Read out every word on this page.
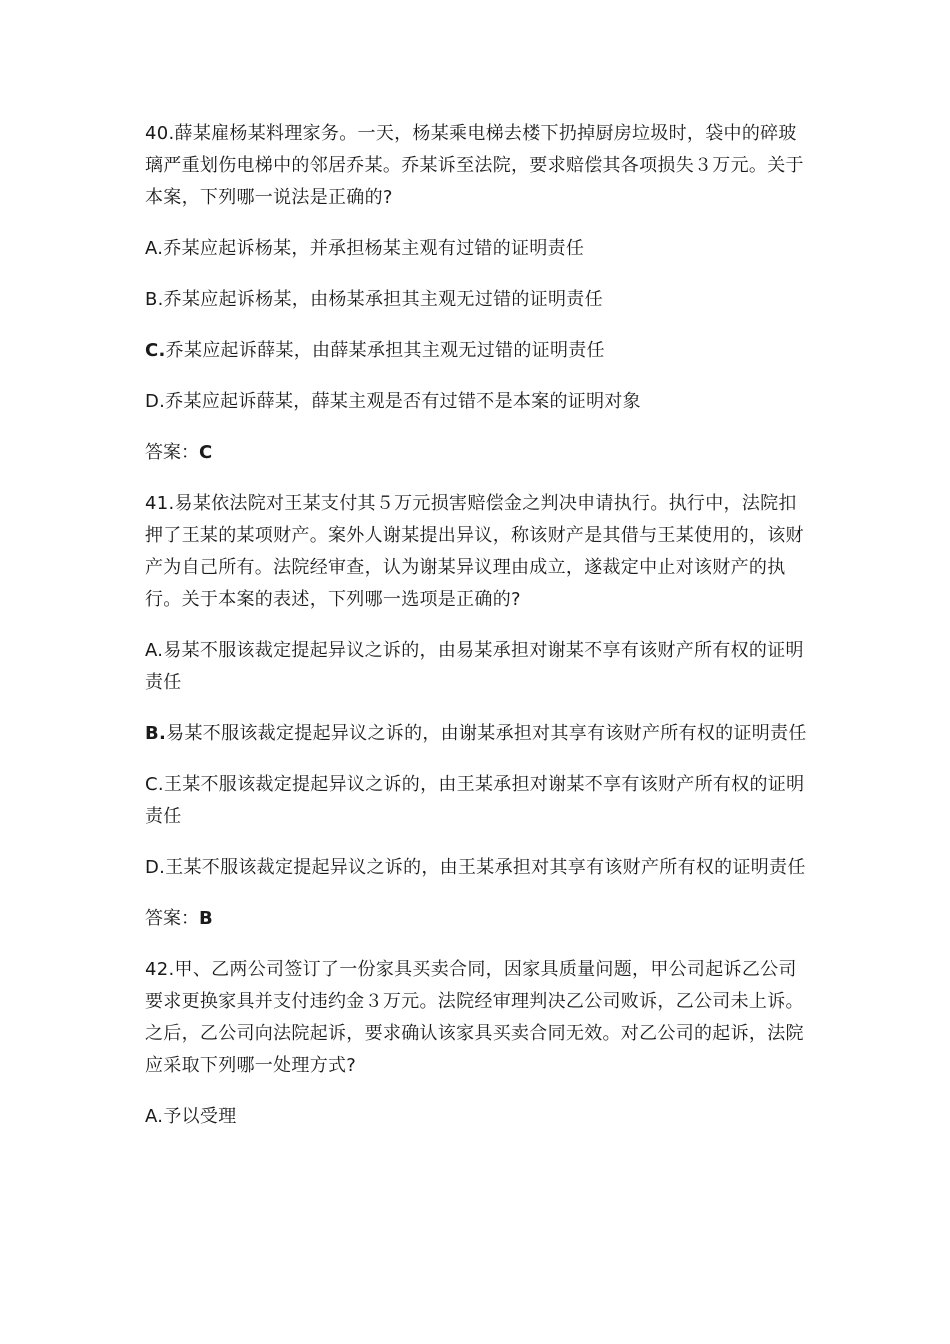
40.薛某雇杨某料理家务。一天，杨某乘电梯去楼下扔掉厨房垃圾时，袋中的碎玻璃严重划伤电梯中的邻居乔某。乔某诉至法院，要求赔偿其各项损失３万元。关于本案，下列哪一说法是正确的?

A.乔某应起诉杨某，并承担杨某主观有过错的证明责任

B.乔某应起诉杨某，由杨某承担其主观无过错的证明责任

C.乔某应起诉薛某，由薛某承担其主观无过错的证明责任

D.乔某应起诉薛某，薛某主观是否有过错不是本案的证明对象

答案：C

41.易某依法院对王某支付其５万元损害赔偿金之判决申请执行。执行中，法院扣押了王某的某项财产。案外人谢某提出异议，称该财产是其借与王某使用的，该财产为自己所有。法院经审查，认为谢某异议理由成立，遂裁定中止对该财产的执行。关于本案的表述，下列哪一选项是正确的?

A.易某不服该裁定提起异议之诉的，由易某承担对谢某不享有该财产所有权的证明责任

B.易某不服该裁定提起异议之诉的，由谢某承担对其享有该财产所有权的证明责任

C.王某不服该裁定提起异议之诉的，由王某承担对谢某不享有该财产所有权的证明责任

D.王某不服该裁定提起异议之诉的，由王某承担对其享有该财产所有权的证明责任

答案：B

42.甲、乙两公司签订了一份家具买卖合同，因家具质量问题，甲公司起诉乙公司要求更换家具并支付违约金３万元。法院经审理判决乙公司败诉，乙公司未上诉。之后，乙公司向法院起诉，要求确认该家具买卖合同无效。对乙公司的起诉，法院应采取下列哪一处理方式?

A.予以受理
